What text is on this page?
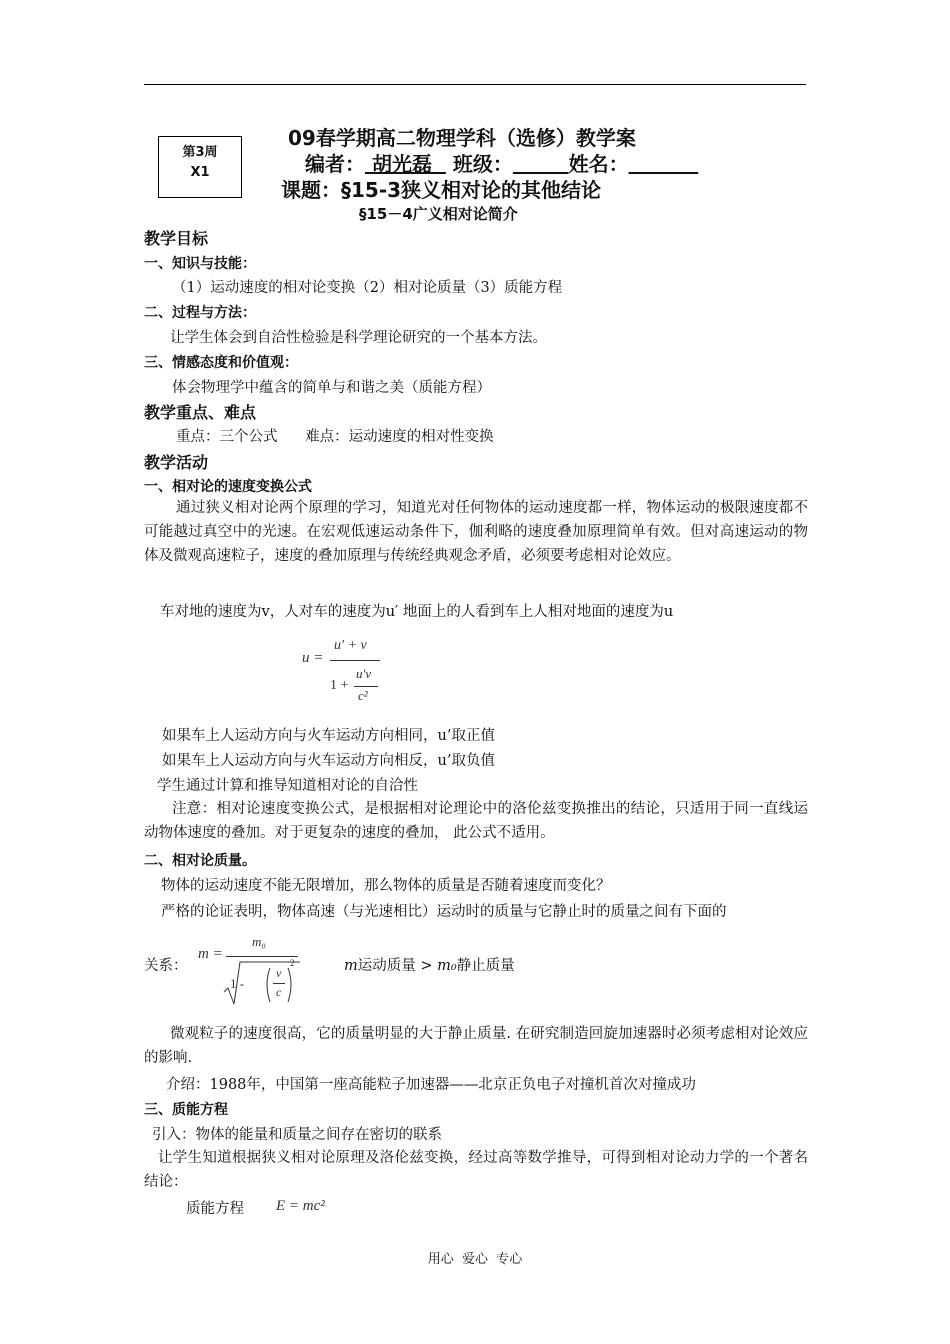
第3周
X1
09春学期高二物理学科（选修）教学案
编者： 胡光磊 班级：	姓名：
课题：§15-3狭义相对论的其他结论
§15－4广义相对论简介
教学目标
一、知识与技能：
（1）运动速度的相对论变换（2）相对论质量（3）质能方程
二、过程与方法：
让学生体会到自洽性检验是科学理论研究的一个基本方法。
三、情感态度和价值观：
体会物理学中蕴含的简单与和谐之美（质能方程）
教学重点、难点
重点：三个公式      难点：运动速度的相对性变换
教学活动
一、相对论的速度变换公式
通过狭义相对论两个原理的学习，知道光对任何物体的运动速度都一样，物体运动的极限速度都不可能越过真空中的光速。在宏观低速运动条件下，伽利略的速度叠加原理简单有效。但对高速运动的物体及微观高速粒子，速度的叠加原理与传统经典观念矛盾，必须要考虑相对论效应。
车对地的速度为v，人对车的速度为u′ 地面上的人看到车上人相对地面的速度为u
u =
u′ + v
1 +
u′v
c²
如果车上人运动方向与火车运动方向相同，u’取正值
如果车上人运动方向与火车运动方向相反，u’取负值
学生通过计算和推导知道相对论的自洽性
注意：相对论速度变换公式，是根据相对论理论中的洛伦兹变换推出的结论，只适用于同一直线运动物体速度的叠加。对于更复杂的速度的叠加， 此公式不适用。
二、相对论质量。
物体的运动速度不能无限增加，那么物体的质量是否随着速度而变化？
严格的论证表明，物体高速（与光速相比）运动时的质量与它静止时的质量之间有下面的
关系：
m =
m₀
1 -
v
c
2	m运动质量 > m₀静止质量
微观粒子的速度很高，它的质量明显的大于静止质量. 在研究制造回旋加速器时必须考虑相对论效应的影响.
介绍：1988年，中国第一座高能粒子加速器——北京正负电子对撞机首次对撞成功
三、质能方程
引入：物体的能量和质量之间存在密切的联系
让学生知道根据狭义相对论原理及洛伦兹变换，经过高等数学推导，可得到相对论动力学的一个著名结论：
质能方程 E = mc²
用心  爱心  专心
